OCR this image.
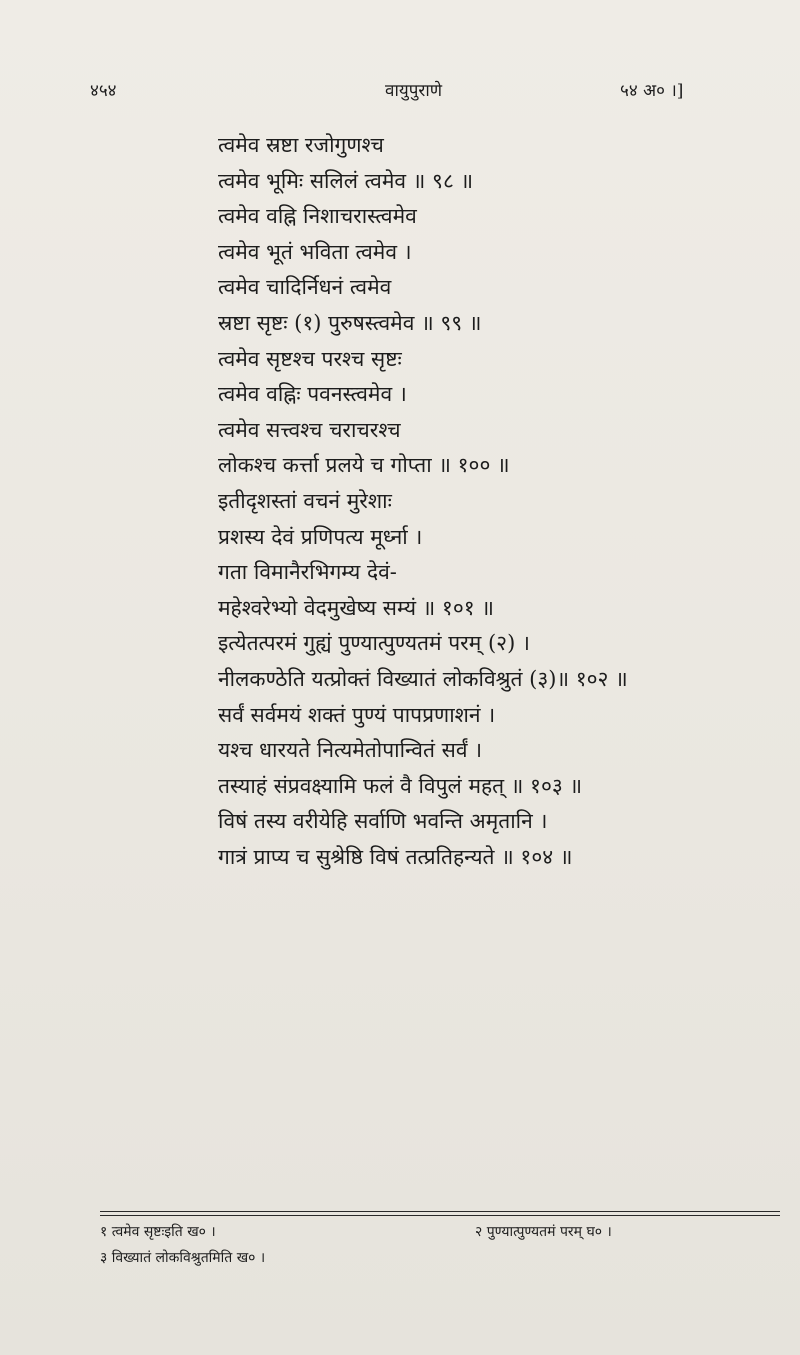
४५४	वायुपुराणे	५४ अ० ।]
त्वमेव स्रष्टा रजोगुणश्च
त्वमेव भूमिः सलिलं त्वमेव ॥ ९८ ॥
त्वमेव वह्नि निशाचरास्त्वमेव
त्वमेव भूतं भविता त्वमेव ।
त्वमेव चादिर्निधनं त्वमेव
स्रष्टा सृष्टः (१) पुरुषस्त्वमेव ॥ ९९ ॥
त्वमेव सृष्टश्च परश्च सृष्टः
त्वमेव वह्निः पवनस्त्वमेव ।
त्वमेव सत्त्वश्च चराचरश्च
लोकश्च कर्त्ता प्रलये च गोप्ता ॥ १०० ॥
इतीदृशस्तां वचनं मुरेशाः
प्रशस्य देवं प्रणिपत्य मूर्ध्ना ।
गता विमानैरभिगम्य देवं-
महेश्वरेभ्यो वेदमुखेष्य सम्यं ॥ १०१ ॥
इत्येतत्परमं गुह्यं पुण्यात्पुण्यतमं परम् (२) ।
नीलकण्ठेति यत्प्रोक्तं विख्यातं लोकविश्रुतं (३)॥ १०२ ॥
सर्वं सर्वमयं शक्तं पुण्यं पापप्रणाशनं ।
यश्च धारयते नित्यमेतोपान्वितं सर्वं ।
तस्याहं संप्रवक्ष्यामि फलं वै विपुलं महत् ॥ १०३ ॥
विषं तस्य वरीयेहि सर्वाणि भवन्ति अमृतानि ।
गात्रं प्राप्य च सुश्रेष्ठि विषं तत्प्रतिहन्यते ॥ १०४ ॥
१ त्वमेव सृष्टःइति ख० ।	२ पुण्यात्पुण्यतमं परम् घ० ।
३ विख्यातं लोकविश्रुतमिति ख० ।
